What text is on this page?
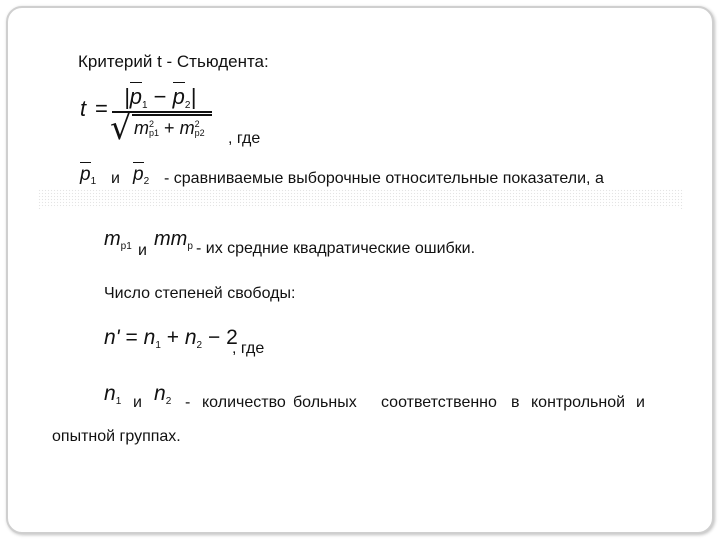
Критерий t - Стьюдента:
$t = |p_1 - p_2|$
√ m2
p1 + m2
p2 , где
$p_1$ и $p_2$ - сравниваемые выборочные относительные показатели, а
$m_{p1}$ и
$mm_p$ - их средние квадратические ошибки.
Число степеней свободы:
$n' = n_1 + n_2 - 2$
, где
$n_1$ и $n_2$ - количество больных соответственно в контрольной и
опытной группах.
